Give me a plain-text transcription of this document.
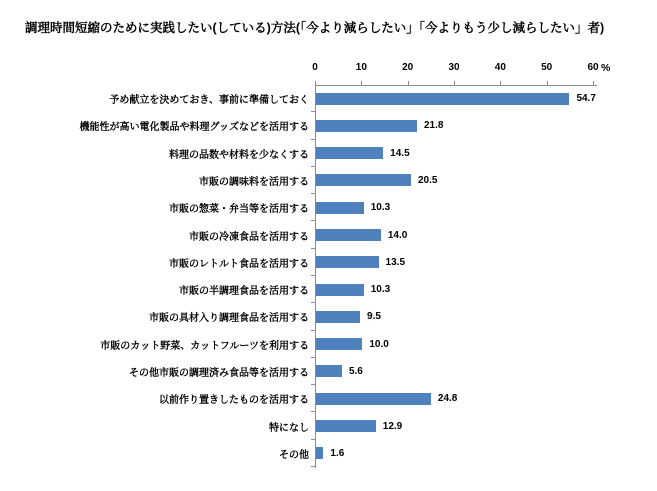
調理時間短縮のために実践したい(している)方法(「今より減らしたい」「今よりもう少し減らしたい」者)
0	10	20	30	40	50	60 %
予め献立を決めておき、事前に準備しておく	54.7
機能性が高い電化製品や料理グッズなどを活用する	21.8
料理の品数や材料を少なくする	14.5
市販の調味料を活用する	20.5
市販の惣菜・弁当等を活用する	10.3
市販の冷凍食品を活用する	14.0
市販のレトルト食品を活用する	13.5
市販の半調理食品を活用する	10.3
市販の具材入り調理食品を活用する	9.5
市販のカット野菜、カットフルーツを利用する	10.0
その他市販の調理済み食品等を活用する	5.6
以前作り置きしたものを活用する	24.8
特になし	12.9
その他 1.6
